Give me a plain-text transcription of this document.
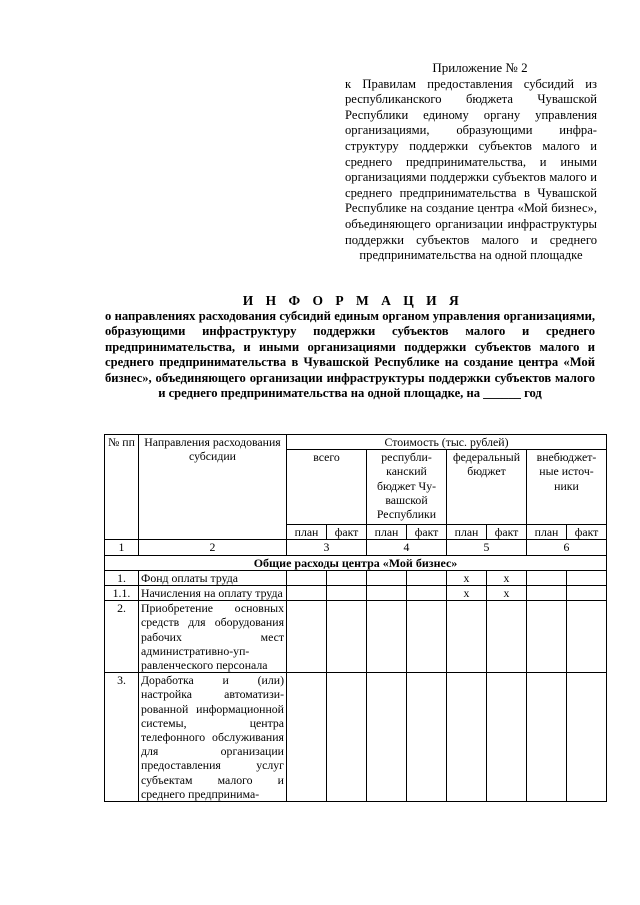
Приложение № 2
к Правилам предоставления субсидий из республиканского бюджета Чувашской Республики единому органу управления организациями, образующими инфраструктуру поддержки субъектов малого и среднего предпринимательства, и иными организациями поддержки субъектов малого и среднего предпринимательства в Чувашской Республике на создание центра «Мой бизнес», объединяющего организации инфраструктуры поддержки субъектов малого и среднего предпринимательства на одной площадке
И Н Ф О Р М А Ц И Я
о направлениях расходования субсидий единым органом управления организациями, образующими инфраструктуру поддержки субъектов малого и среднего предпринимательства, и иными организациями поддержки субъектов малого и среднего предпринимательства в Чувашской Республике на создание центра «Мой бизнес», объединяющего организации инфраструктуры поддержки субъектов малого и среднего предпринимательства на одной площадке, на ______ год
№ пп	Направления расходования субсидии	Стоимость (тыс. рублей)							
		всего		республиканский бюджет Чувашской Республики		федеральный бюджет		внебюджетные источники	
		план	факт	план	факт	план	факт	план	факт
1	2	3		4		5		6	
Общие расходы центра «Мой бизнес»									
1.	Фонд оплаты труда					х	х		
1.1.	Начисления на оплату труда					х	х		
2.	Приобретение основных средств для оборудования рабочих мест административно-управленческого персонала								
3.	Доработка и (или) настройка автоматизированной информационной системы, центра телефонного обслуживания для организации предоставления услуг субъектам малого и среднего предпринима-								
